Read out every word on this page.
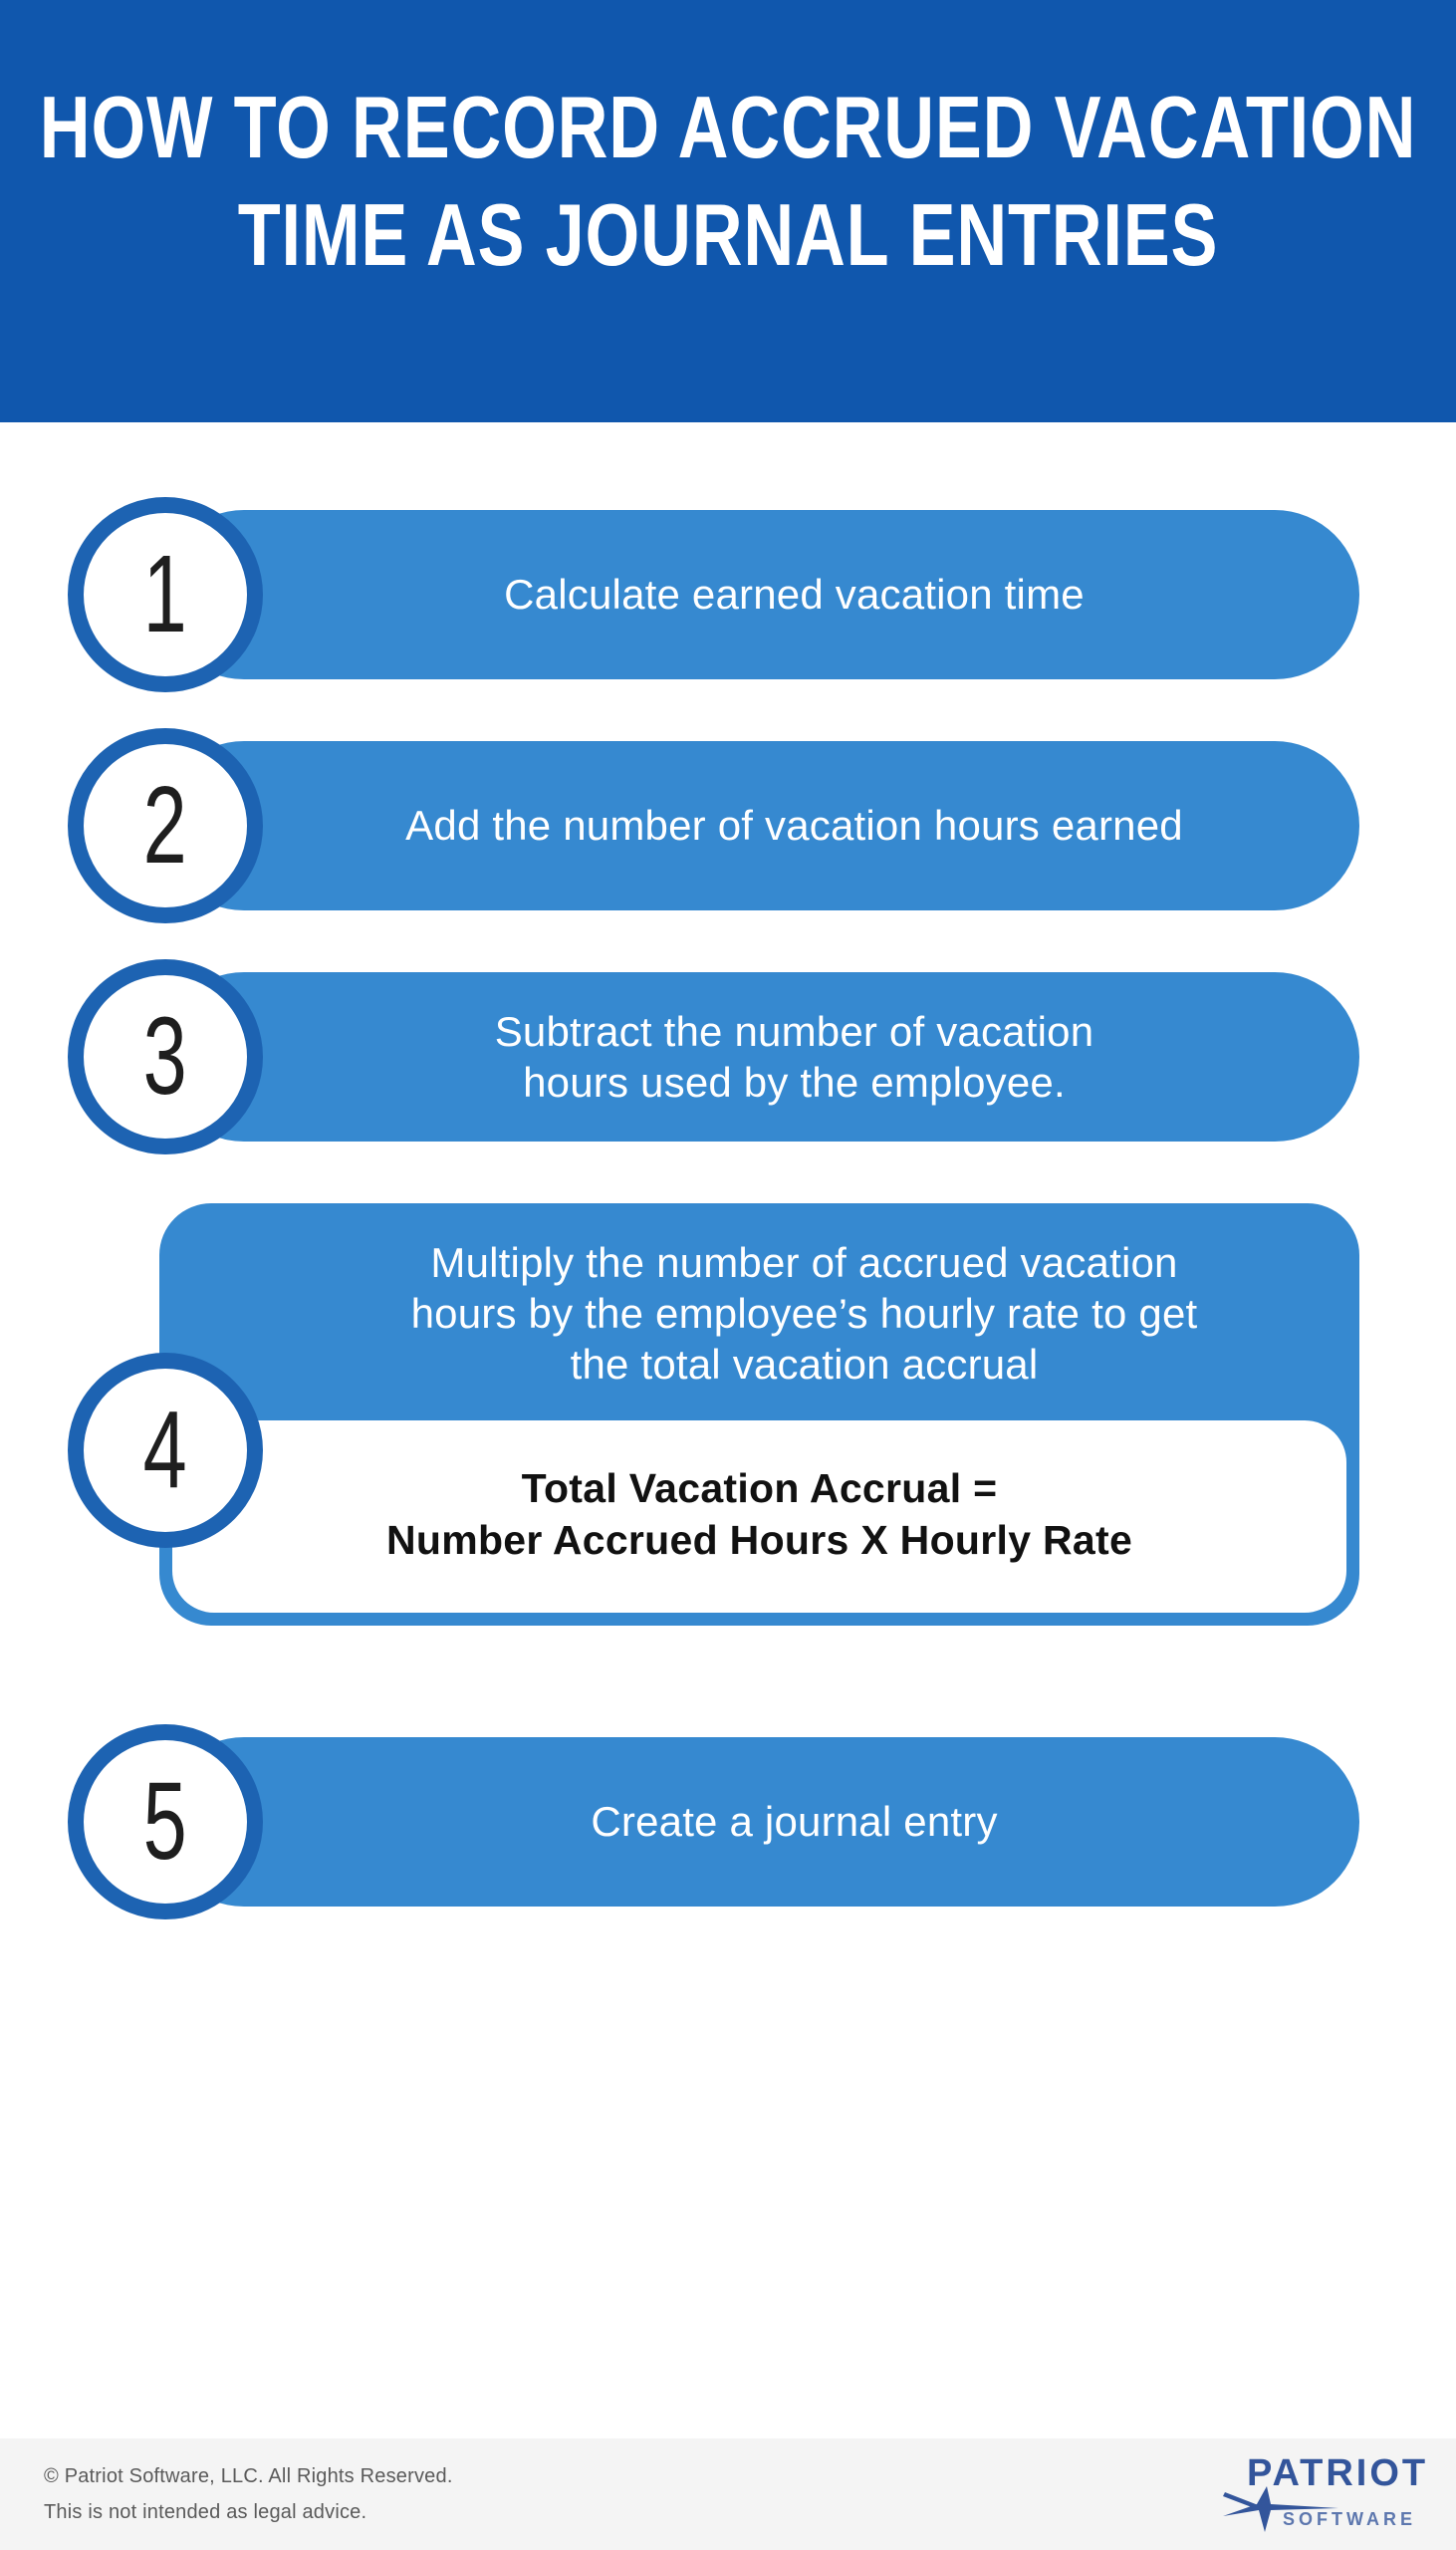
HOW TO RECORD ACCRUED VACATION
TIME AS JOURNAL ENTRIES
Calculate earned vacation time
1
Add the number of vacation hours earned
2
Subtract the number of vacation hours used by the employee.
3
Multiply the number of accrued vacation hours by the employee’s hourly rate to get the total vacation accrual
Total Vacation Accrual =
Number Accrued Hours X Hourly Rate
4
Create a journal entry
5
© Patriot Software, LLC. All Rights Reserved.
This is not intended as legal advice.
PATRIOT
SOFTWARE
